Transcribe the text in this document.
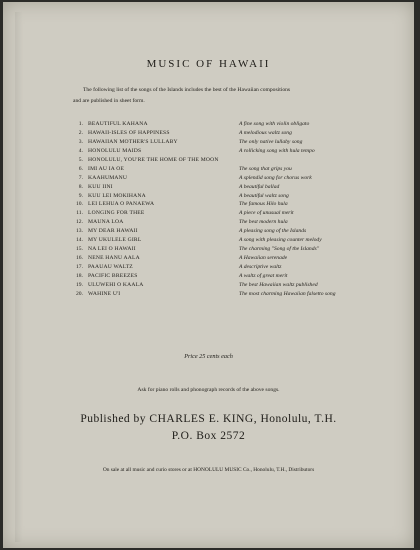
MUSIC OF HAWAII
The following list of the songs of the Islands includes the best of the Hawaiian compositions
and are published in sheet form.
1. BEAUTIFUL KAHANA	A fine song with violin obligato
2. HAWAII-ISLES OF HAPPINESS	A melodious waltz song
3. HAWAIIAN MOTHER'S LULLABY	The only native lullaby song
4. HONOLULU MAIDS	A rollicking song with hula tempo
5. HONOLULU, YOU'RE THE HOME OF THE MOON
6. IMI AU IA OE	The song that grips you
7. KAAHUMANU	A splendid song for chorus work
8. KUU IINI	A beautiful ballad
9. KUU LEI MOKIHANA	A beautiful waltz song
10. LEI LEHUA O PANAEWA	The famous Hilo hula
11. LONGING FOR THEE	A piece of unusual merit
12. MAUNA LOA	The best modern hula
13. MY DEAR HAWAII	A pleasing song of the Islands
14. MY UKULELE GIRL	A song with pleasing counter melody
15. NA LEI O HAWAII	The charming "Song of the Islands"
16. NENE HANU AALA	A Hawaiian serenade
17. PAAUAU WALTZ	A descriptive waltz
18. PACIFIC BREEZES	A waltz of great merit
19. ULUWEHI O KAALA	The best Hawaiian waltz published
20. WAHINE U'I	The most charming Hawaiian falsetto song
Price 25 cents each
Ask for piano rolls and phonograph records of the above songs.
Published by CHARLES E. KING, Honolulu, T.H.
P.O. Box 2572
On sale at all music and curio stores or at HONOLULU MUSIC Co., Honolulu, T.H., Distributors
